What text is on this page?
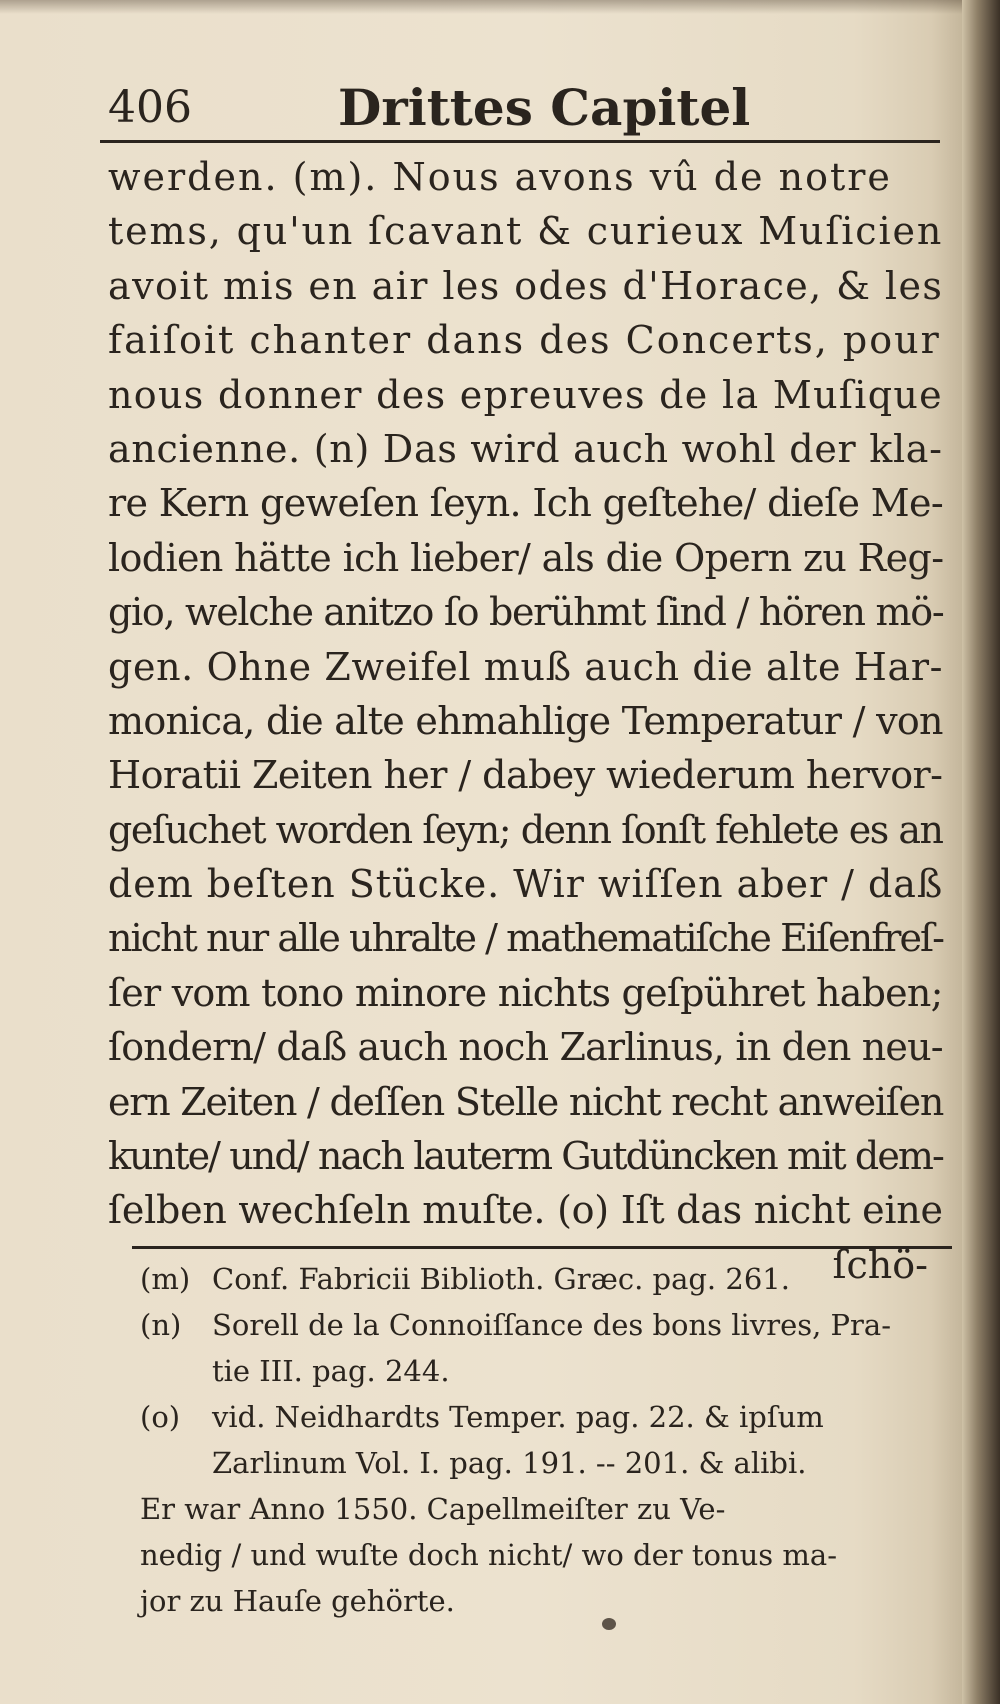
406	Drittes Capitel
werden. (m). Nous avons vû de notre
tems, qu'un ſcavant & curieux Muſicien
avoit mis en air les odes d'Horace, & les
faiſoit chanter dans des Concerts, pour
nous donner des epreuves de la Muſique
ancienne. (n) Das wird auch wohl der kla-
re Kern geweſen ſeyn. Ich geſtehe/ dieſe Me-
lodien hätte ich lieber/ als die Opern zu Reg-
gio, welche anitzo ſo berühmt ſind / hören mö-
gen. Ohne Zweifel muß auch die alte Har-
monica, die alte ehmahlige Temperatur / von
Horatii Zeiten her / dabey wiederum hervor-
geſuchet worden ſeyn; denn ſonſt fehlete es an
dem beſten Stücke. Wir wiſſen aber / daß
nicht nur alle uhralte / mathematiſche Eiſenfreſ-
ſer vom tono minore nichts geſpühret haben;
ſondern/ daß auch noch Zarlinus, in den neu-
ern Zeiten / deſſen Stelle nicht recht anweiſen
kunte/ und/ nach lauterm Gutdüncken mit dem-
ſelben wechſeln muſte. (o) Iſt das nicht eine
ſchö-
(m) Conf. Fabricii Biblioth. Græc. pag. 261.
(n) Sorell de la Connoiſſance des bons livres, Pra-
tie III. pag. 244.
(o) vid. Neidhardts Temper. pag. 22. & ipſum
Zarlinum Vol. I. pag. 191. -- 201. & alibi.
Er war Anno 1550. Capellmeiſter zu Ve-
nedig / und wuſte doch nicht/ wo der tonus ma-
jor zu Hauſe gehörte.
